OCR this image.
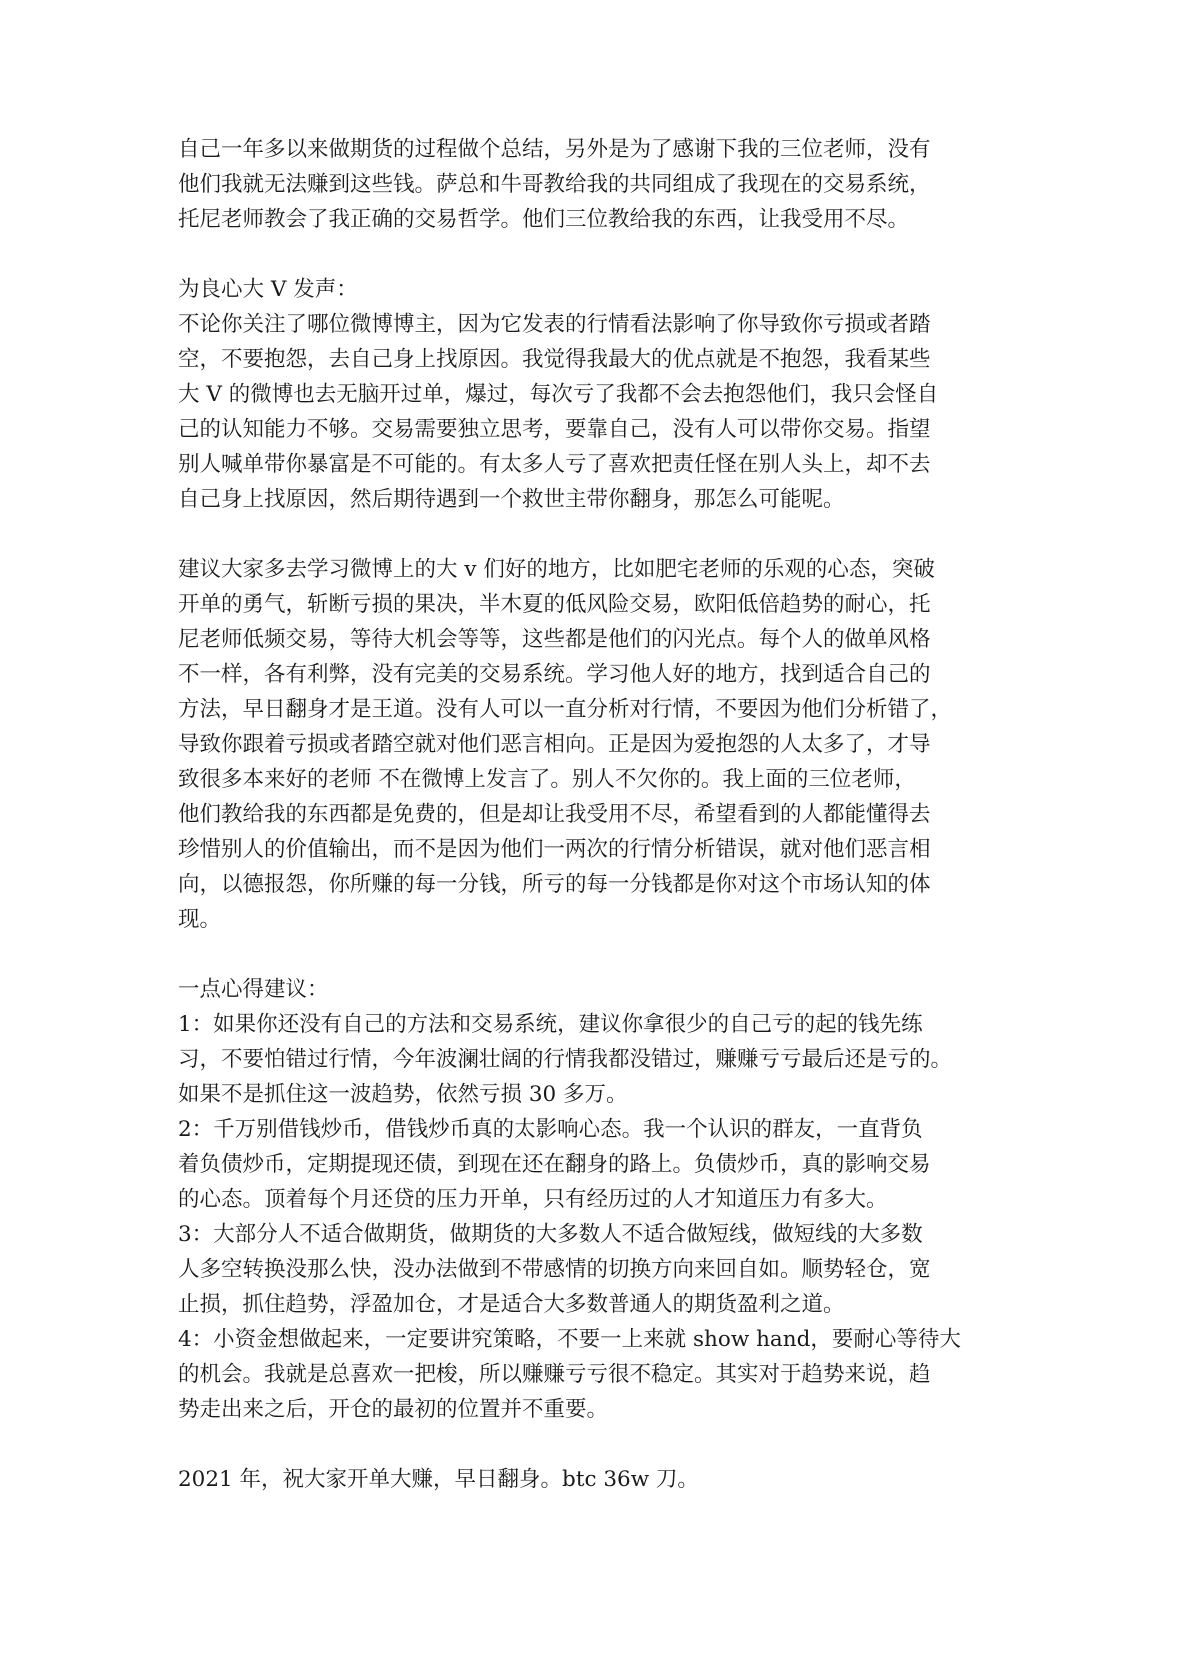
自己一年多以来做期货的过程做个总结，另外是为了感谢下我的三位老师，没有
他们我就无法赚到这些钱。萨总和牛哥教给我的共同组成了我现在的交易系统，
托尼老师教会了我正确的交易哲学。他们三位教给我的东西，让我受用不尽。
为良心大 V 发声：
不论你关注了哪位微博博主，因为它发表的行情看法影响了你导致你亏损或者踏
空，不要抱怨，去自己身上找原因。我觉得我最大的优点就是不抱怨，我看某些
大 V 的微博也去无脑开过单，爆过，每次亏了我都不会去抱怨他们，我只会怪自
己的认知能力不够。交易需要独立思考，要靠自己，没有人可以带你交易。指望
别人喊单带你暴富是不可能的。有太多人亏了喜欢把责任怪在别人头上，却不去
自己身上找原因，然后期待遇到一个救世主带你翻身，那怎么可能呢。
建议大家多去学习微博上的大 v 们好的地方，比如肥宅老师的乐观的心态，突破
开单的勇气，斩断亏损的果决，半木夏的低风险交易，欧阳低倍趋势的耐心，托
尼老师低频交易，等待大机会等等，这些都是他们的闪光点。每个人的做单风格
不一样，各有利弊，没有完美的交易系统。学习他人好的地方，找到适合自己的
方法，早日翻身才是王道。没有人可以一直分析对行情，不要因为他们分析错了，
导致你跟着亏损或者踏空就对他们恶言相向。正是因为爱抱怨的人太多了，才导
致很多本来好的老师 不在微博上发言了。别人不欠你的。我上面的三位老师，
他们教给我的东西都是免费的，但是却让我受用不尽，希望看到的人都能懂得去
珍惜别人的价值输出，而不是因为他们一两次的行情分析错误，就对他们恶言相
向，以德报怨，你所赚的每一分钱，所亏的每一分钱都是你对这个市场认知的体
现。
一点心得建议：
1：如果你还没有自己的方法和交易系统，建议你拿很少的自己亏的起的钱先练
习，不要怕错过行情，今年波澜壮阔的行情我都没错过，赚赚亏亏最后还是亏的。
如果不是抓住这一波趋势，依然亏损 30 多万。
2：千万别借钱炒币，借钱炒币真的太影响心态。我一个认识的群友，一直背负
着负债炒币，定期提现还债，到现在还在翻身的路上。负债炒币，真的影响交易
的心态。顶着每个月还贷的压力开单，只有经历过的人才知道压力有多大。
3：大部分人不适合做期货，做期货的大多数人不适合做短线，做短线的大多数
人多空转换没那么快，没办法做到不带感情的切换方向来回自如。顺势轻仓，宽
止损，抓住趋势，浮盈加仓，才是适合大多数普通人的期货盈利之道。
4：小资金想做起来，一定要讲究策略，不要一上来就 show hand，要耐心等待大
的机会。我就是总喜欢一把梭，所以赚赚亏亏很不稳定。其实对于趋势来说，趋
势走出来之后，开仓的最初的位置并不重要。
2021 年，祝大家开单大赚，早日翻身。btc 36w 刀。
